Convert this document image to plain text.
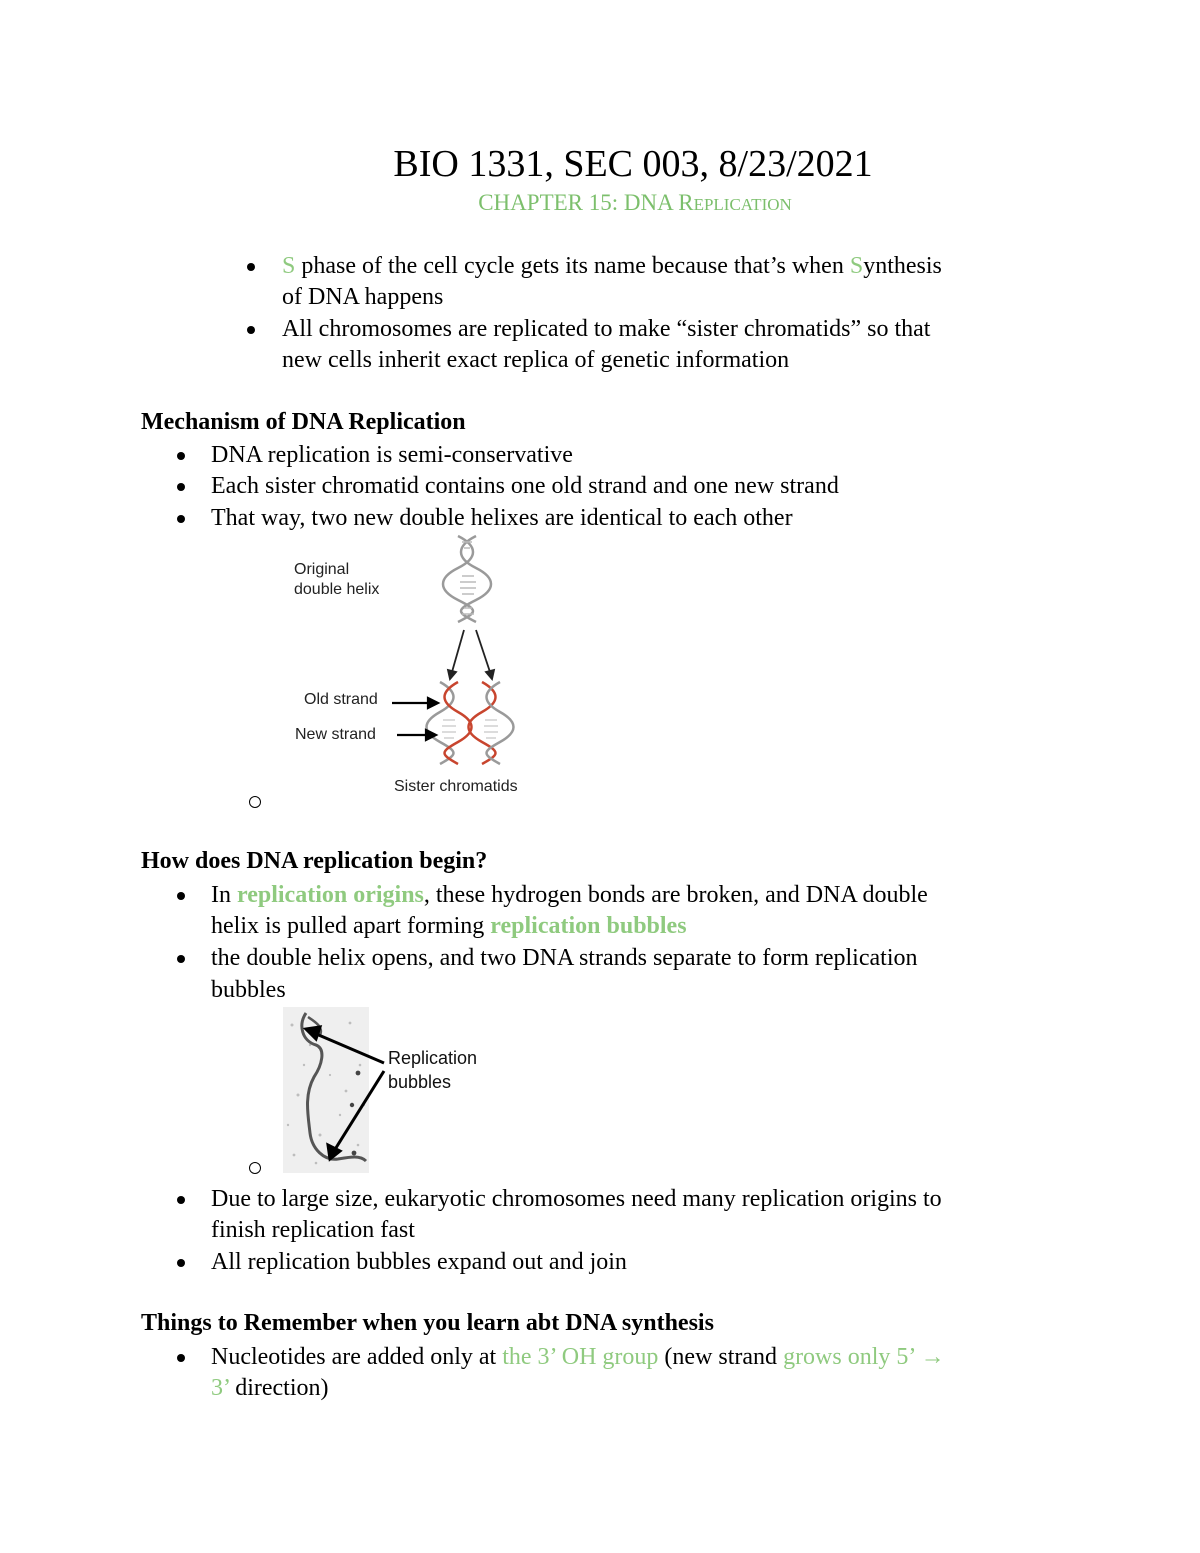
BIO 1331, SEC 003, 8/23/2021
CHAPTER 15: DNA REPLICATION
S phase of the cell cycle gets its name because that’s when Synthesis
of DNA happens
All chromosomes are replicated to make “sister chromatids” so that
new cells inherit exact replica of genetic information
Mechanism of DNA Replication
DNA replication is semi-conservative
Each sister chromatid contains one old strand and one new strand
That way, two new double helixes are identical to each other
Original
double helix
Old strand
New strand
Sister chromatids
How does DNA replication begin?
In replication origins, these hydrogen bonds are broken, and DNA double
helix is pulled apart forming replication bubbles
the double helix opens, and two DNA strands separate to form replication
bubbles
Replication
bubbles
Due to large size, eukaryotic chromosomes need many replication origins to
finish replication fast
All replication bubbles expand out and join
Things to Remember when you learn abt DNA synthesis
Nucleotides are added only at the 3’ OH group (new strand grows only 5’ →
3’ direction)
